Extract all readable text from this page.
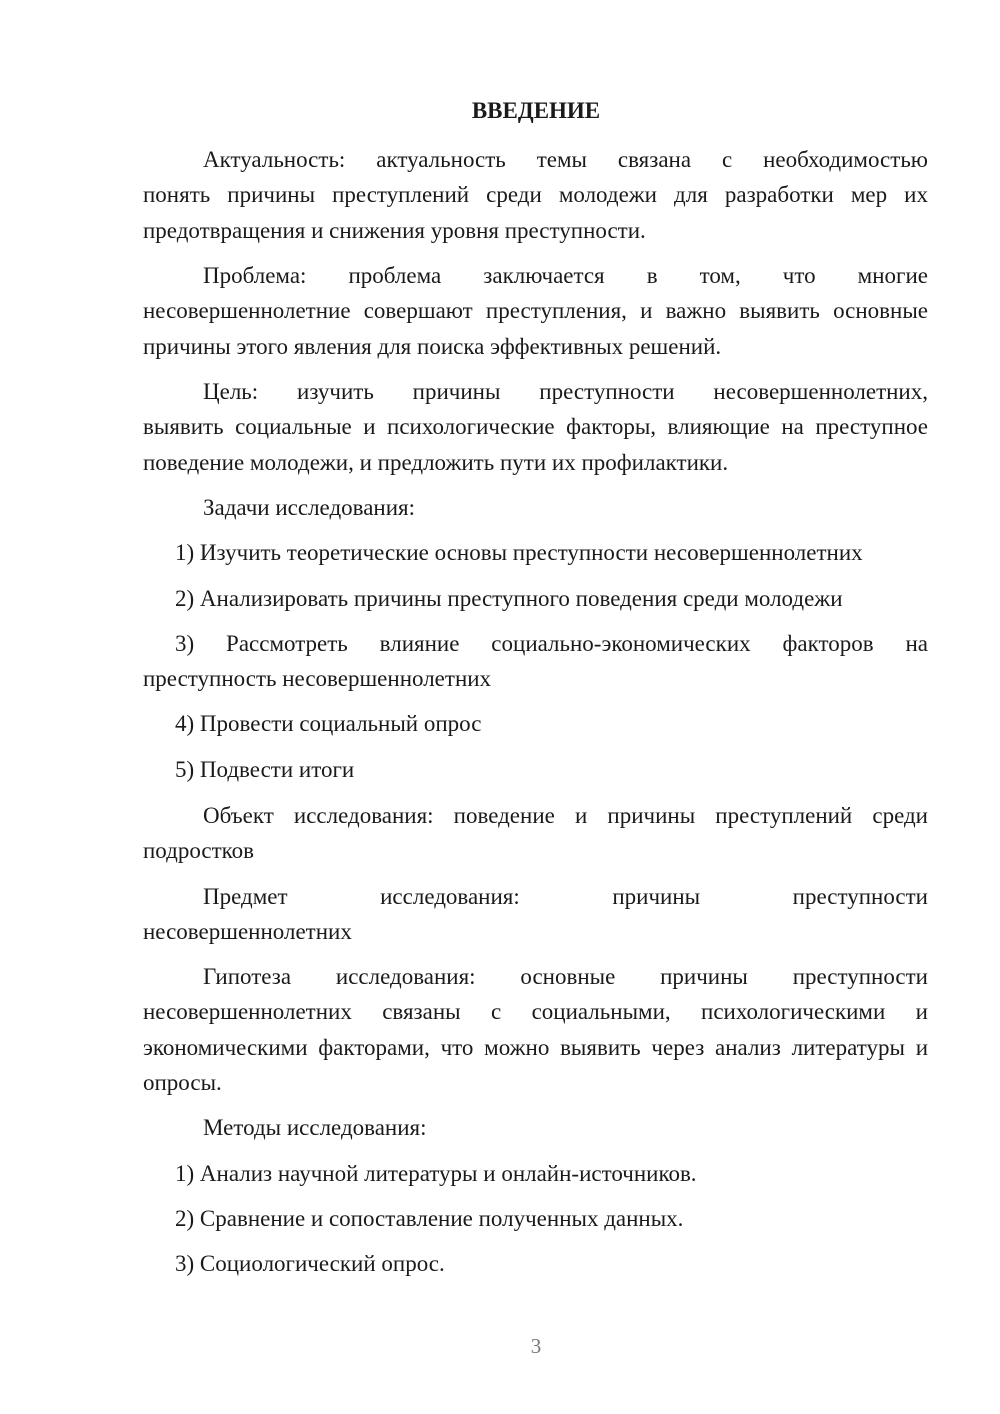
ВВЕДЕНИЕ
Актуальность: актуальность темы связана с необходимостью
понять причины преступлений среди молодежи для разработки мер их предотвращения и снижения уровня преступности.
Проблема: проблема заключается в том, что многие
несовершеннолетние совершают преступления, и важно выявить основные причины этого явления для поиска эффективных решений.
Цель: изучить причины преступности несовершеннолетних,
выявить социальные и психологические факторы, влияющие на преступное поведение молодежи, и предложить пути их профилактики.
Задачи исследования:
1) Изучить теоретические основы преступности несовершеннолетних
2) Анализировать причины преступного поведения среди молодежи
3) Рассмотреть влияние социально-экономических факторов на
преступность несовершеннолетних
4) Провести социальный опрос
5) Подвести итоги
Объект исследования: поведение и причины преступлений среди
подростков
Предмет исследования: причины преступности
несовершеннолетних
Гипотеза исследования: основные причины преступности
несовершеннолетних связаны с социальными, психологическими и экономическими факторами, что можно выявить через анализ литературы и опросы.
Методы исследования:
1) Анализ научной литературы и онлайн-источников.
2) Сравнение и сопоставление полученных данных.
3) Социологический опрос.
3
